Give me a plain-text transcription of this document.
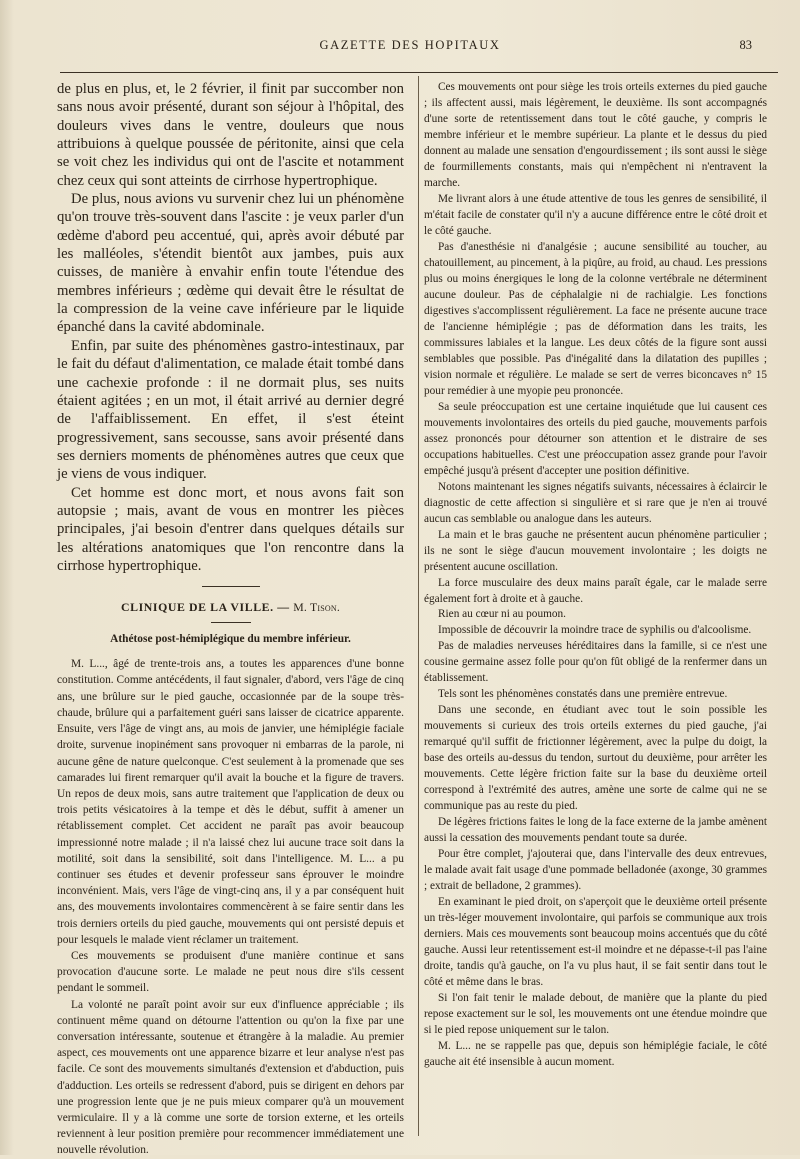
GAZETTE DES HOPITAUX	83

de plus en plus, et, le 2 février, il finit par succomber non sans nous avoir présenté, durant son séjour à l'hôpital, des douleurs vives dans le ventre, douleurs que nous attribuions à quelque poussée de péritonite, ainsi que cela se voit chez les individus qui ont de l'ascite et notamment chez ceux qui sont atteints de cirrhose hypertrophique.

De plus, nous avions vu survenir chez lui un phénomène qu'on trouve très-souvent dans l'ascite : je veux parler d'un œdème d'abord peu accentué, qui, après avoir débuté par les malléoles, s'étendit bientôt aux jambes, puis aux cuisses, de manière à envahir enfin toute l'étendue des membres inférieurs ; œdème qui devait être le résultat de la compression de la veine cave inférieure par le liquide épanché dans la cavité abdominale.

Enfin, par suite des phénomènes gastro-intestinaux, par le fait du défaut d'alimentation, ce malade était tombé dans une cachexie profonde : il ne dormait plus, ses nuits étaient agitées ; en un mot, il était arrivé au dernier degré de l'affaiblissement. En effet, il s'est éteint progressivement, sans secousse, sans avoir présenté dans ses derniers moments de phénomènes autres que ceux que je viens de vous indiquer.

Cet homme est donc mort, et nous avons fait son autopsie ; mais, avant de vous en montrer les pièces principales, j'ai besoin d'entrer dans quelques détails sur les altérations anatomiques que l'on rencontre dans la cirrhose hypertrophique.

CLINIQUE DE LA VILLE. — M. Tison.
Athétose post-hémiplégique du membre inférieur.

M. L..., âgé de trente-trois ans, a toutes les apparences d'une bonne constitution. Comme antécédents, il faut signaler, d'abord, vers l'âge de cinq ans, une brûlure sur le pied gauche, occasionnée par de la soupe très-chaude, brûlure qui a parfaitement guéri sans laisser de cicatrice apparente. Ensuite, vers l'âge de vingt ans, au mois de janvier, une hémiplégie faciale droite, survenue inopinément sans provoquer ni embarras de la parole, ni aucune gêne de nature quelconque. C'est seulement à la promenade que ses camarades lui firent remarquer qu'il avait la bouche et la figure de travers. Un repos de deux mois, sans autre traitement que l'application de deux ou trois petits vésicatoires à la tempe et dès le début, suffit à amener un rétablissement complet. Cet accident ne paraît pas avoir beaucoup impressionné notre malade ; il n'a laissé chez lui aucune trace soit dans la motilité, soit dans la sensibilité, soit dans l'intelligence. M. L... a pu continuer ses études et devenir professeur sans éprouver le moindre inconvénient. Mais, vers l'âge de vingt-cinq ans, il y a par conséquent huit ans, des mouvements involontaires commencèrent à se faire sentir dans les trois derniers orteils du pied gauche, mouvements qui ont persisté depuis et pour lesquels le malade vient réclamer un traitement.

Ces mouvements se produisent d'une manière continue et sans provocation d'aucune sorte. Le malade ne peut nous dire s'ils cessent pendant le sommeil.

La volonté ne paraît point avoir sur eux d'influence appréciable ; ils continuent même quand on détourne l'attention ou qu'on la fixe par une conversation intéressante, soutenue et étrangère à la maladie. Au premier aspect, ces mouvements ont une apparence bizarre et leur analyse n'est pas facile. Ce sont des mouvements simultanés d'extension et d'abduction, puis d'adduction. Les orteils se redressent d'abord, puis se dirigent en dehors par une progression lente que je ne puis mieux comparer qu'à un mouvement vermiculaire. Il y a là comme une sorte de torsion externe, et les orteils reviennent à leur position première pour recommencer immédiatement une nouvelle révolution.

Ces mouvements ont pour siège les trois orteils externes du pied gauche ; ils affectent aussi, mais légèrement, le deuxième. Ils sont accompagnés d'une sorte de retentissement dans tout le côté gauche, y compris le membre inférieur et le membre supérieur. La plante et le dessus du pied donnent au malade une sensation d'engourdissement ; ils sont aussi le siège de fourmillements constants, mais qui n'empêchent ni n'entravent la marche.

Me livrant alors à une étude attentive de tous les genres de sensibilité, il m'était facile de constater qu'il n'y a aucune différence entre le côté droit et le côté gauche.

Pas d'anesthésie ni d'analgésie ; aucune sensibilité au toucher, au chatouillement, au pincement, à la piqûre, au froid, au chaud. Les pressions plus ou moins énergiques le long de la colonne vertébrale ne déterminent aucune douleur. Pas de céphalalgie ni de rachialgie. Les fonctions digestives s'accomplissent régulièrement. La face ne présente aucune trace de l'ancienne hémiplégie ; pas de déformation dans les traits, les commissures labiales et la langue. Les deux côtés de la figure sont aussi semblables que possible. Pas d'inégalité dans la dilatation des pupilles ; vision normale et régulière. Le malade se sert de verres biconcaves n° 15 pour remédier à une myopie peu prononcée.

Sa seule préoccupation est une certaine inquiétude que lui causent ces mouvements involontaires des orteils du pied gauche, mouvements parfois assez prononcés pour détourner son attention et le distraire de ses occupations habituelles. C'est une préoccupation assez grande pour l'avoir empêché jusqu'à présent d'accepter une position définitive.

Notons maintenant les signes négatifs suivants, nécessaires à éclaircir le diagnostic de cette affection si singulière et si rare que je n'en ai trouvé aucun cas semblable ou analogue dans les auteurs.

La main et le bras gauche ne présentent aucun phénomène particulier ; ils ne sont le siège d'aucun mouvement involontaire ; les doigts ne présentent aucune oscillation.

La force musculaire des deux mains paraît égale, car le malade serre également fort à droite et à gauche.

Rien au cœur ni au poumon.

Impossible de découvrir la moindre trace de syphilis ou d'alcoolisme.

Pas de maladies nerveuses héréditaires dans la famille, si ce n'est une cousine germaine assez folle pour qu'on fût obligé de la renfermer dans un établissement.

Tels sont les phénomènes constatés dans une première entrevue.

Dans une seconde, en étudiant avec tout le soin possible les mouvements si curieux des trois orteils externes du pied gauche, j'ai remarqué qu'il suffit de frictionner légèrement, avec la pulpe du doigt, la base des orteils au-dessus du tendon, surtout du deuxième, pour arrêter les mouvements. Cette légère friction faite sur la base du deuxième orteil correspond à l'extrémité des autres, amène une sorte de calme qui ne se communique pas au reste du pied.

De légères frictions faites le long de la face externe de la jambe amènent aussi la cessation des mouvements pendant toute sa durée.

Pour être complet, j'ajouterai que, dans l'intervalle des deux entrevues, le malade avait fait usage d'une pommade belladonée (axonge, 30 grammes ; extrait de belladone, 2 grammes).

En examinant le pied droit, on s'aperçoit que le deuxième orteil présente un très-léger mouvement involontaire, qui parfois se communique aux trois derniers. Mais ces mouvements sont beaucoup moins accentués que du côté gauche. Aussi leur retentissement est-il moindre et ne dépasse-t-il pas l'aine droite, tandis qu'à gauche, on l'a vu plus haut, il se fait sentir dans tout le côté et même dans le bras.

Si l'on fait tenir le malade debout, de manière que la plante du pied repose exactement sur le sol, les mouvements ont une étendue moindre que si le pied repose uniquement sur le talon.

M. L... ne se rappelle pas que, depuis son hémiplégie faciale, le côté gauche ait été insensible à aucun moment.
